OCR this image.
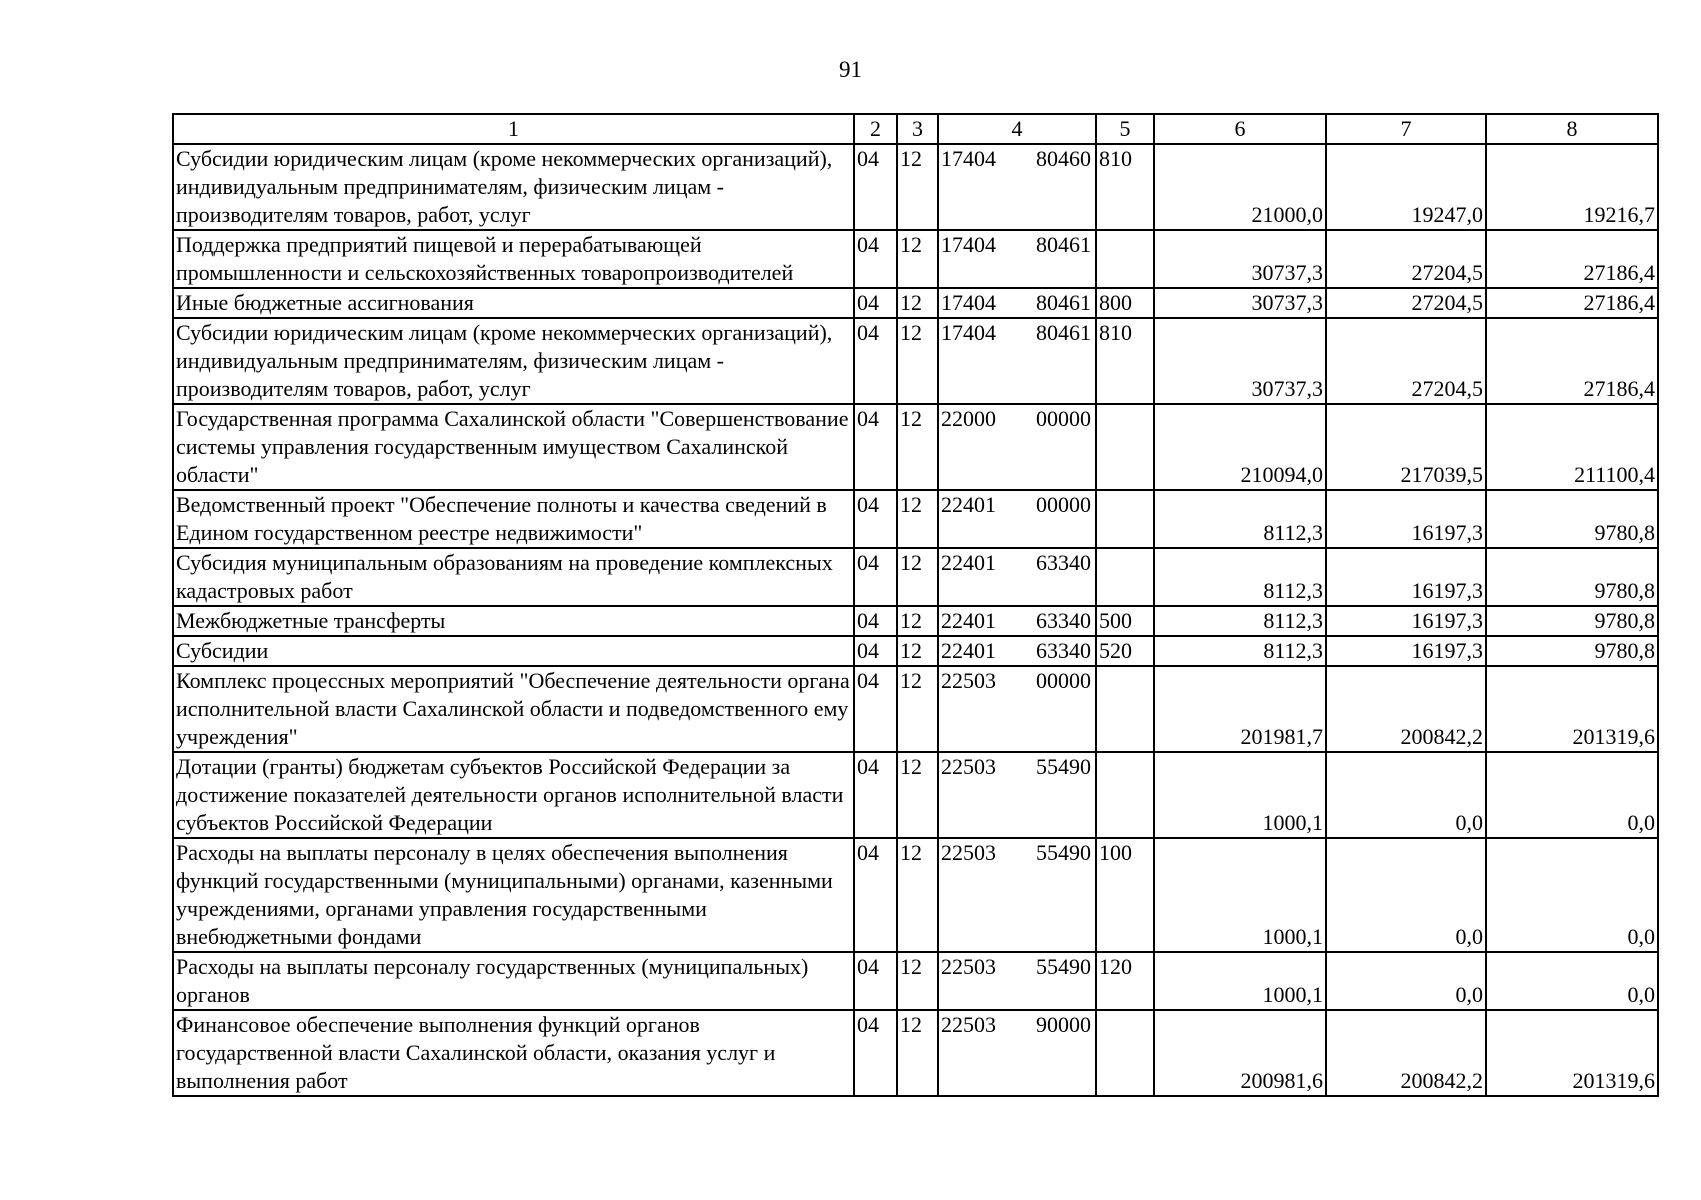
91
1	2	3	4	5	6	7	8
Субсидии юридическим лицам (кроме некоммерческих организаций), индивидуальным предпринимателям, физическим лицам - производителям товаров, работ, услуг	04	12	17404 80460	810	21000,0	19247,0	19216,7
Поддержка предприятий пищевой и перерабатывающей промышленности и сельскохозяйственных товаропроизводителей	04	12	17404 80461		30737,3	27204,5	27186,4
Иные бюджетные ассигнования	04	12	17404 80461	800	30737,3	27204,5	27186,4
Субсидии юридическим лицам (кроме некоммерческих организаций), индивидуальным предпринимателям, физическим лицам - производителям товаров, работ, услуг	04	12	17404 80461	810	30737,3	27204,5	27186,4
Государственная программа Сахалинской области "Совершенствование системы управления государственным имуществом Сахалинской области"	04	12	22000 00000		210094,0	217039,5	211100,4
Ведомственный проект "Обеспечение полноты и качества сведений в Едином государственном реестре недвижимости"	04	12	22401 00000		8112,3	16197,3	9780,8
Субсидия муниципальным образованиям на проведение комплексных кадастровых работ	04	12	22401 63340		8112,3	16197,3	9780,8
Межбюджетные трансферты	04	12	22401 63340	500	8112,3	16197,3	9780,8
Субсидии	04	12	22401 63340	520	8112,3	16197,3	9780,8
Комплекс процессных мероприятий "Обеспечение деятельности органа исполнительной власти Сахалинской области и подведомственного ему учреждения"	04	12	22503 00000		201981,7	200842,2	201319,6
Дотации (гранты) бюджетам субъектов Российской Федерации за достижение показателей деятельности органов исполнительной власти субъектов Российской Федерации	04	12	22503 55490		1000,1	0,0	0,0
Расходы на выплаты персоналу в целях обеспечения выполнения функций государственными (муниципальными) органами, казенными учреждениями, органами управления государственными внебюджетными фондами	04	12	22503 55490	100	1000,1	0,0	0,0
Расходы на выплаты персоналу государственных (муниципальных) органов	04	12	22503 55490	120	1000,1	0,0	0,0
Финансовое обеспечение выполнения функций органов государственной власти Сахалинской области, оказания услуг и выполнения работ	04	12	22503 90000		200981,6	200842,2	201319,6
